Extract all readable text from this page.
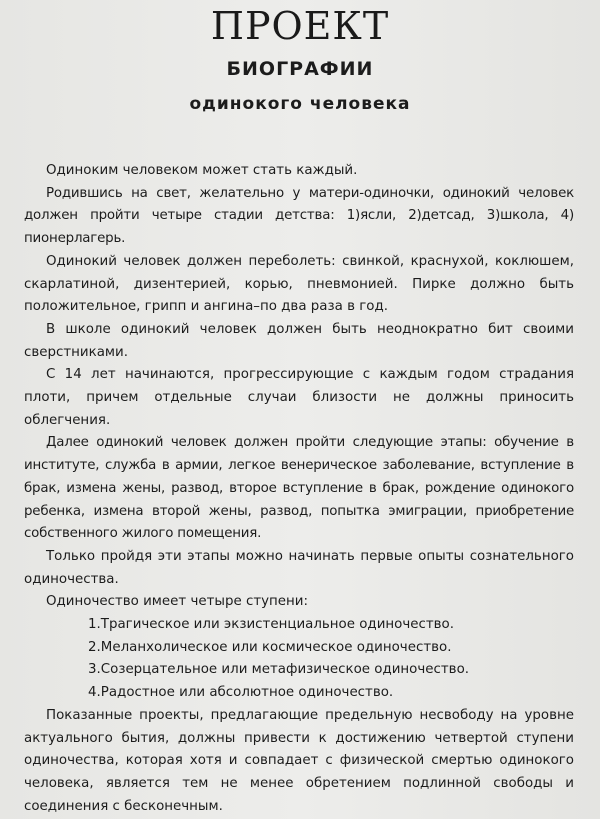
ПРОЕКТ
БИОГРАФИИ
одинокого человека

Одиноким человеком может стать каждый.

Родившись на свет, желательно у матери-одиночки, одинокий человек должен пройти четыре стадии детства: 1)ясли, 2)детсад, 3)школа, 4) пионерлагерь.

Одинокий человек должен переболеть: свинкой, краснухой, коклюшем, скарлатиной, дизентерией, корью, пневмонией. Пирке должно быть положительное, грипп и ангина–по два раза в год.

В школе одинокий человек должен быть неоднократно бит своими сверстниками.

С 14 лет начинаются, прогрессирующие с каждым годом страдания плоти, причем отдельные случаи близости не должны приносить облегчения.

Далее одинокий человек должен пройти следующие этапы: обучение в институте, служба в армии, легкое венерическое заболевание, вступление в брак, измена жены, развод, второе вступление в брак, рождение одинокого ребенка, измена второй жены, развод, попытка эмиграции, приобретение собственного жилого помещения.

Только пройдя эти этапы можно начинать первые опыты сознательного одиночества.

Одиночество имеет четыре ступени:

1.Трагическое или экзистенциальное одиночество.
2.Меланхолическое или космическое одиночество.
3.Созерцательное или метафизическое одиночество.
4.Радостное или абсолютное одиночество.

Показанные проекты, предлагающие предельную несвободу на уровне актуального бытия, должны привести к достижению четвертой ступени одиночества, которая хотя и совпадает с физической смертью одинокого человека, является тем не менее обретением подлинной свободы и соединения с бесконечным.
